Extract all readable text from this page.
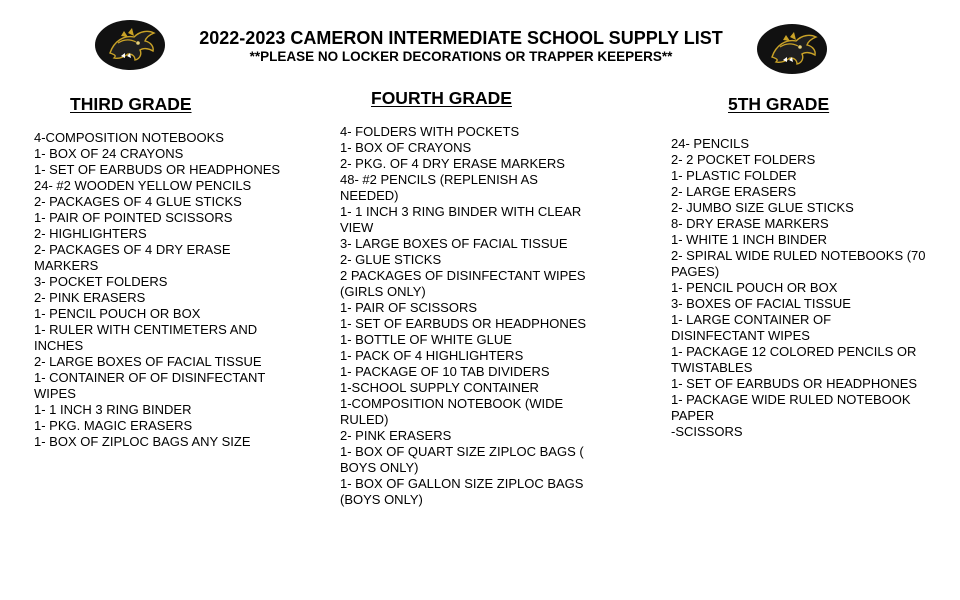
2022-2023 CAMERON INTERMEDIATE SCHOOL SUPPLY LIST

**PLEASE NO LOCKER DECORATIONS OR TRAPPER KEEPERS**

THIRD GRADE	FOURTH GRADE	5TH GRADE
4-COMPOSITION NOTEBOOKS
1- BOX OF 24 CRAYONS
1- SET OF EARBUDS OR HEADPHONES
24- #2 WOODEN YELLOW PENCILS
2- PACKAGES OF 4 GLUE STICKS
1- PAIR OF POINTED SCISSORS
2- HIGHLIGHTERS
2- PACKAGES OF 4 DRY ERASE MARKERS
3- POCKET FOLDERS
2- PINK ERASERS
1- PENCIL POUCH OR BOX
1- RULER WITH CENTIMETERS AND INCHES
2- LARGE BOXES OF FACIAL TISSUE
1- CONTAINER OF OF DISINFECTANT WIPES
1- 1 INCH 3 RING BINDER
1- PKG. MAGIC ERASERS
1- BOX OF ZIPLOC BAGS ANY SIZE
4- FOLDERS WITH POCKETS
1- BOX OF CRAYONS
2- PKG. OF 4 DRY ERASE MARKERS
48- #2 PENCILS (REPLENISH AS NEEDED)
1- 1 INCH 3 RING BINDER WITH CLEAR VIEW
3- LARGE BOXES OF FACIAL TISSUE
2- GLUE STICKS
2 PACKAGES OF DISINFECTANT WIPES (GIRLS ONLY)
1- PAIR OF SCISSORS
1- SET OF EARBUDS OR HEADPHONES
1- BOTTLE OF WHITE GLUE
1- PACK OF 4 HIGHLIGHTERS
1- PACKAGE OF 10 TAB DIVIDERS
1-SCHOOL SUPPLY CONTAINER
1-COMPOSITION NOTEBOOK (WIDE RULED)
2- PINK ERASERS
1- BOX OF QUART SIZE ZIPLOC BAGS ( BOYS ONLY)
1- BOX OF GALLON SIZE ZIPLOC BAGS (BOYS ONLY)
24- PENCILS
2- 2 POCKET FOLDERS
1- PLASTIC FOLDER
2- LARGE ERASERS
2- JUMBO SIZE GLUE STICKS
8- DRY ERASE MARKERS
1- WHITE 1 INCH BINDER
2- SPIRAL WIDE RULED NOTEBOOKS (70 PAGES)
1- PENCIL POUCH OR BOX
3- BOXES OF FACIAL TISSUE
1- LARGE CONTAINER OF DISINFECTANT WIPES
1- PACKAGE 12 COLORED PENCILS OR TWISTABLES
1- SET OF EARBUDS OR HEADPHONES
1- PACKAGE WIDE RULED NOTEBOOK PAPER
-SCISSORS
